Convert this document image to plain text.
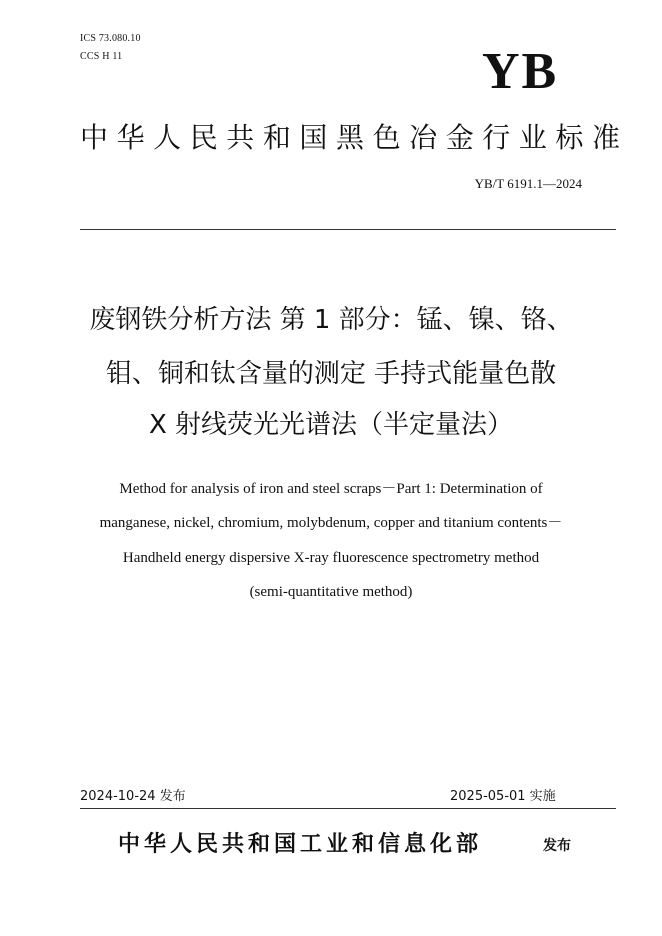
ICS 73.080.10
CCS H 11	YB
中华人民共和国黑色冶金行业标准
YB/T 6191.1—2024
废钢铁分析方法 第 1 部分：锰、镍、铬、
钼、铜和钛含量的测定 手持式能量色散
X 射线荧光光谱法（半定量法）
Method for analysis of iron and steel scraps－Part 1: Determination of
manganese, nickel, chromium, molybdenum, copper and titanium contents－
Handheld energy dispersive X-ray fluorescence spectrometry method
(semi-quantitative method)
2024-10-24 发布	2025-05-01 实施
中华人民共和国工业和信息化部	发布
